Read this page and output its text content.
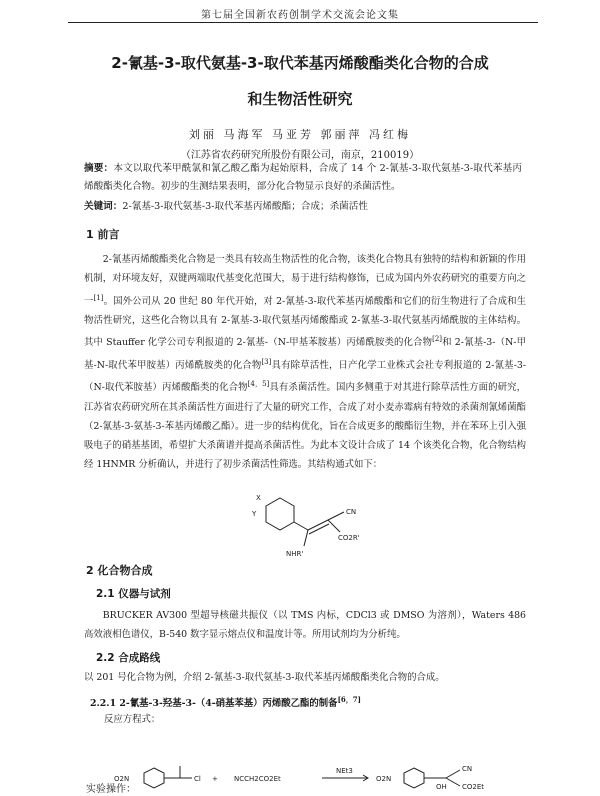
第七届全国新农药创制学术交流会论文集
2-氰基-3-取代氨基-3-取代苯基丙烯酸酯类化合物的合成
和生物活性研究
刘丽 马海军 马亚芳 郭丽萍 冯红梅
（江苏省农药研究所股份有限公司，南京，210019）
摘要：本文以取代苯甲酰氯和氰乙酸乙酯为起始原料，合成了 14 个 2-氰基-3-取代氨基-3-取代苯基丙烯酸酯类化合物。初步的生测结果表明，部分化合物显示良好的杀菌活性。
关键词：2-氰基-3-取代氨基-3-取代苯基丙烯酸酯；合成；杀菌活性
1 前言

2-氰基丙烯酸酯类化合物是一类具有较高生物活性的化合物，该类化合物具有独特的结构和新颖的作用机制，对环境友好，双键两端取代基变化范围大，易于进行结构修饰，已成为国内外农药研究的重要方向之一[1]。国外公司从 20 世纪 80 年代开始，对 2-氰基-3-取代苯基丙烯酸酯和它们的衍生物进行了合成和生物活性研究，这些化合物以具有 2-氰基-3-取代氨基丙烯酸酯或 2-氰基-3-取代氨基丙烯酰胺的主体结构。其中 Stauffer 化学公司专利报道的 2-氰基-（N-甲基苯胺基）丙烯酰胺类的化合物[2]和 2-氰基-3-（N-甲基-N-取代苯甲胺基）丙烯酰胺类的化合物[3]具有除草活性，日产化学工业株式会社专利报道的 2-氰基-3-（N-取代苯胺基）丙烯酸酯类的化合物[4，5]具有杀菌活性。国内多侧重于对其进行除草活性方面的研究，江苏省农药研究所在其杀菌活性方面进行了大量的研究工作，合成了对小麦赤霉病有特效的杀菌剂氰烯菌酯（2-氰基-3-氨基-3-苯基丙烯酸乙酯）。进一步的结构优化，旨在合成更多的酸酯衍生物，并在苯环上引入强吸电子的硝基基团，希望扩大杀菌谱并提高杀菌活性。为此本文设计合成了 14 个该类化合物，化合物结构经 1HNMR 分析确认，并进行了初步杀菌活性筛选。其结构通式如下：

X
Y	CN
CO2R'
NHR'
2 化合物合成
2.1 仪器与试剂

BRUCKER AV300 型超导核磁共振仪（以 TMS 内标，CDCl3 或 DMSO 为溶剂），Waters 486 高效液相色谱仪，B-540 数字显示熔点仪和温度计等。所用试剂均为分析纯。

2.2 合成路线

以 201 号化合物为例，介绍 2-氰基-3-取代氨基-3-取代苯基丙烯酸酯类化合物的合成。

2.2.1 2-氰基-3-羟基-3-（4-硝基苯基）丙烯酸乙酯的制备[6，7]

反应方程式：

O2N	Cl + NCCH2CO2Et
NEt3
O2N
CN
OH CO2Et
实验操作：
